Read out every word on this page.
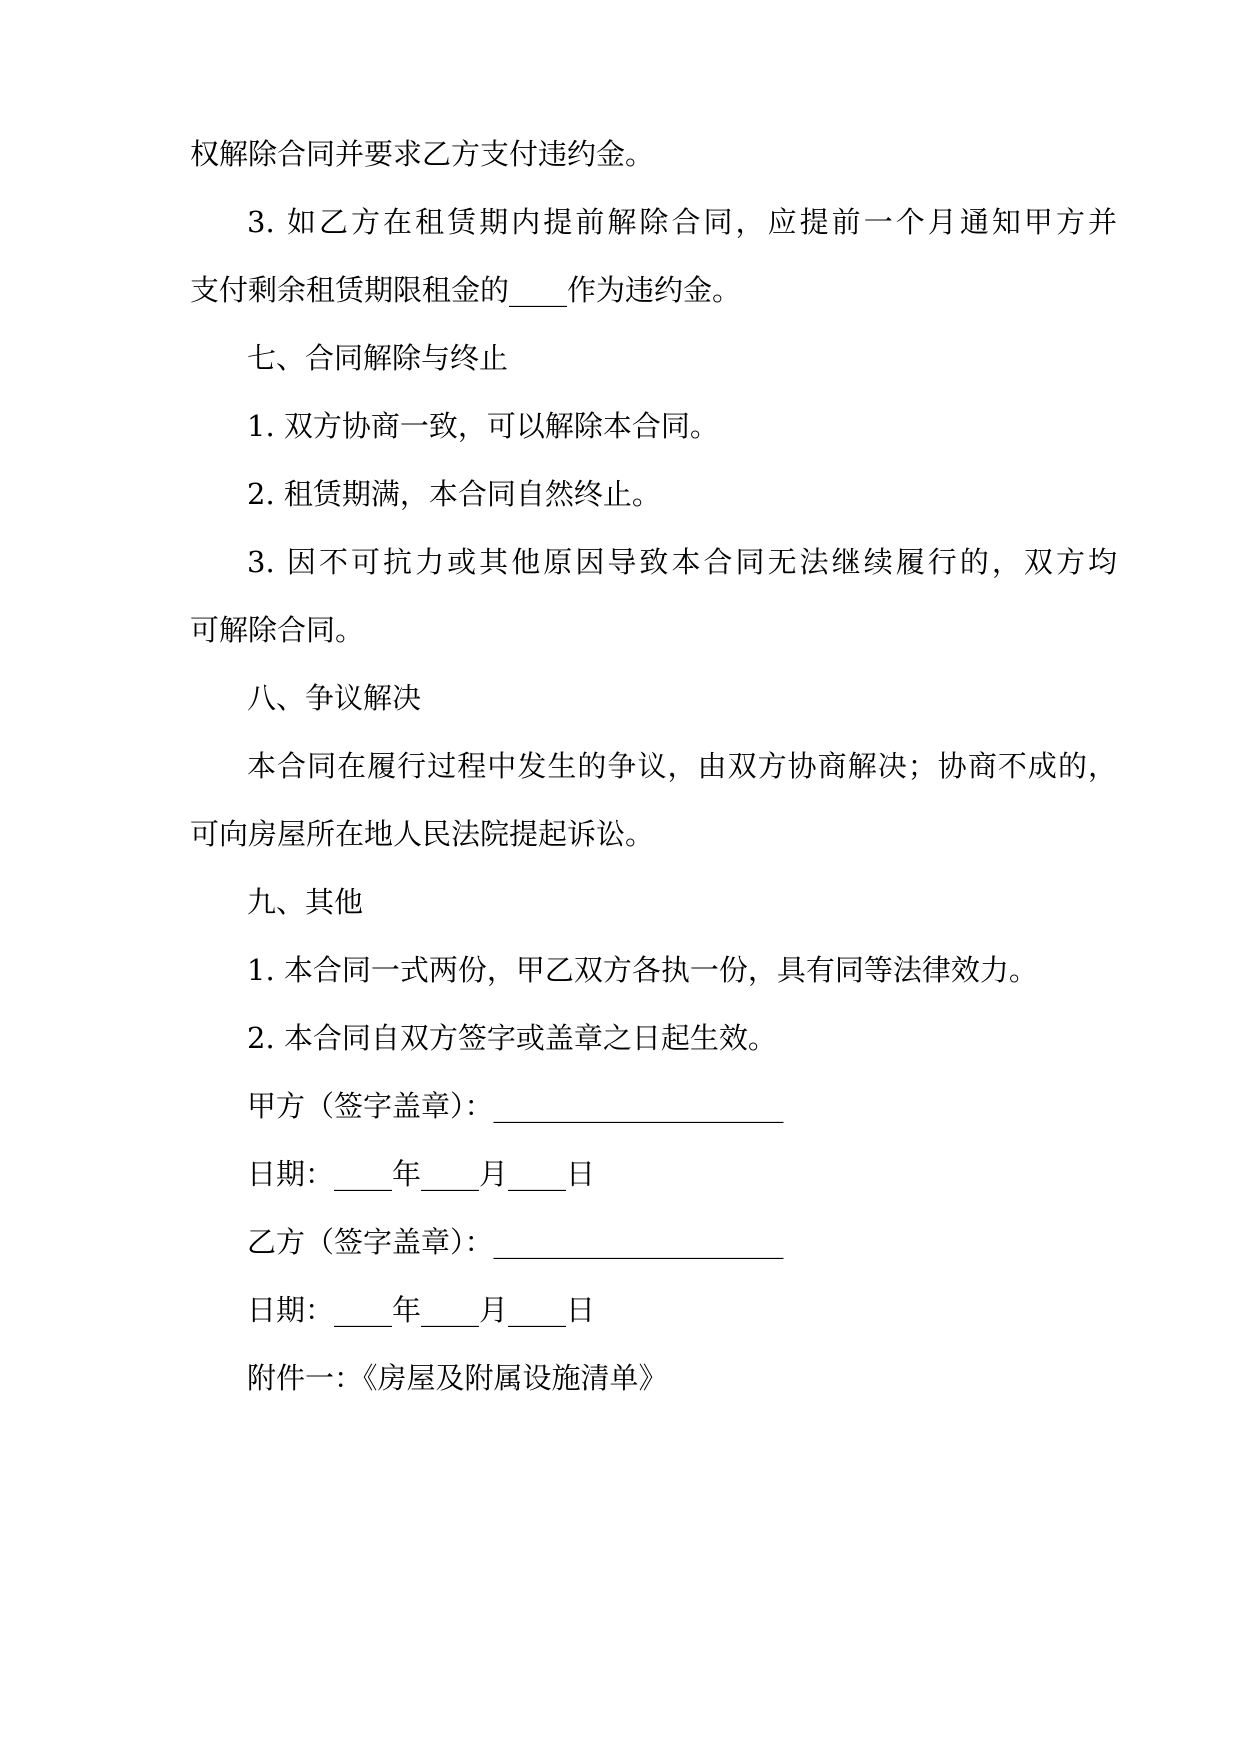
权解除合同并要求乙方支付违约金。
3. 如乙方在租赁期内提前解除合同，应提前一个月通知甲方并
支付剩余租赁期限租金的____作为违约金。
七、合同解除与终止
1. 双方协商一致，可以解除本合同。
2. 租赁期满，本合同自然终止。
3. 因不可抗力或其他原因导致本合同无法继续履行的，双方均
可解除合同。
八、争议解决
本合同在履行过程中发生的争议，由双方协商解决；协商不成的，
可向房屋所在地人民法院提起诉讼。
九、其他
1. 本合同一式两份，甲乙双方各执一份，具有同等法律效力。
2. 本合同自双方签字或盖章之日起生效。
甲方（签字盖章）：____________________
日期：____年____月____日
乙方（签字盖章）：____________________
日期：____年____月____日
附件一：《房屋及附属设施清单》
